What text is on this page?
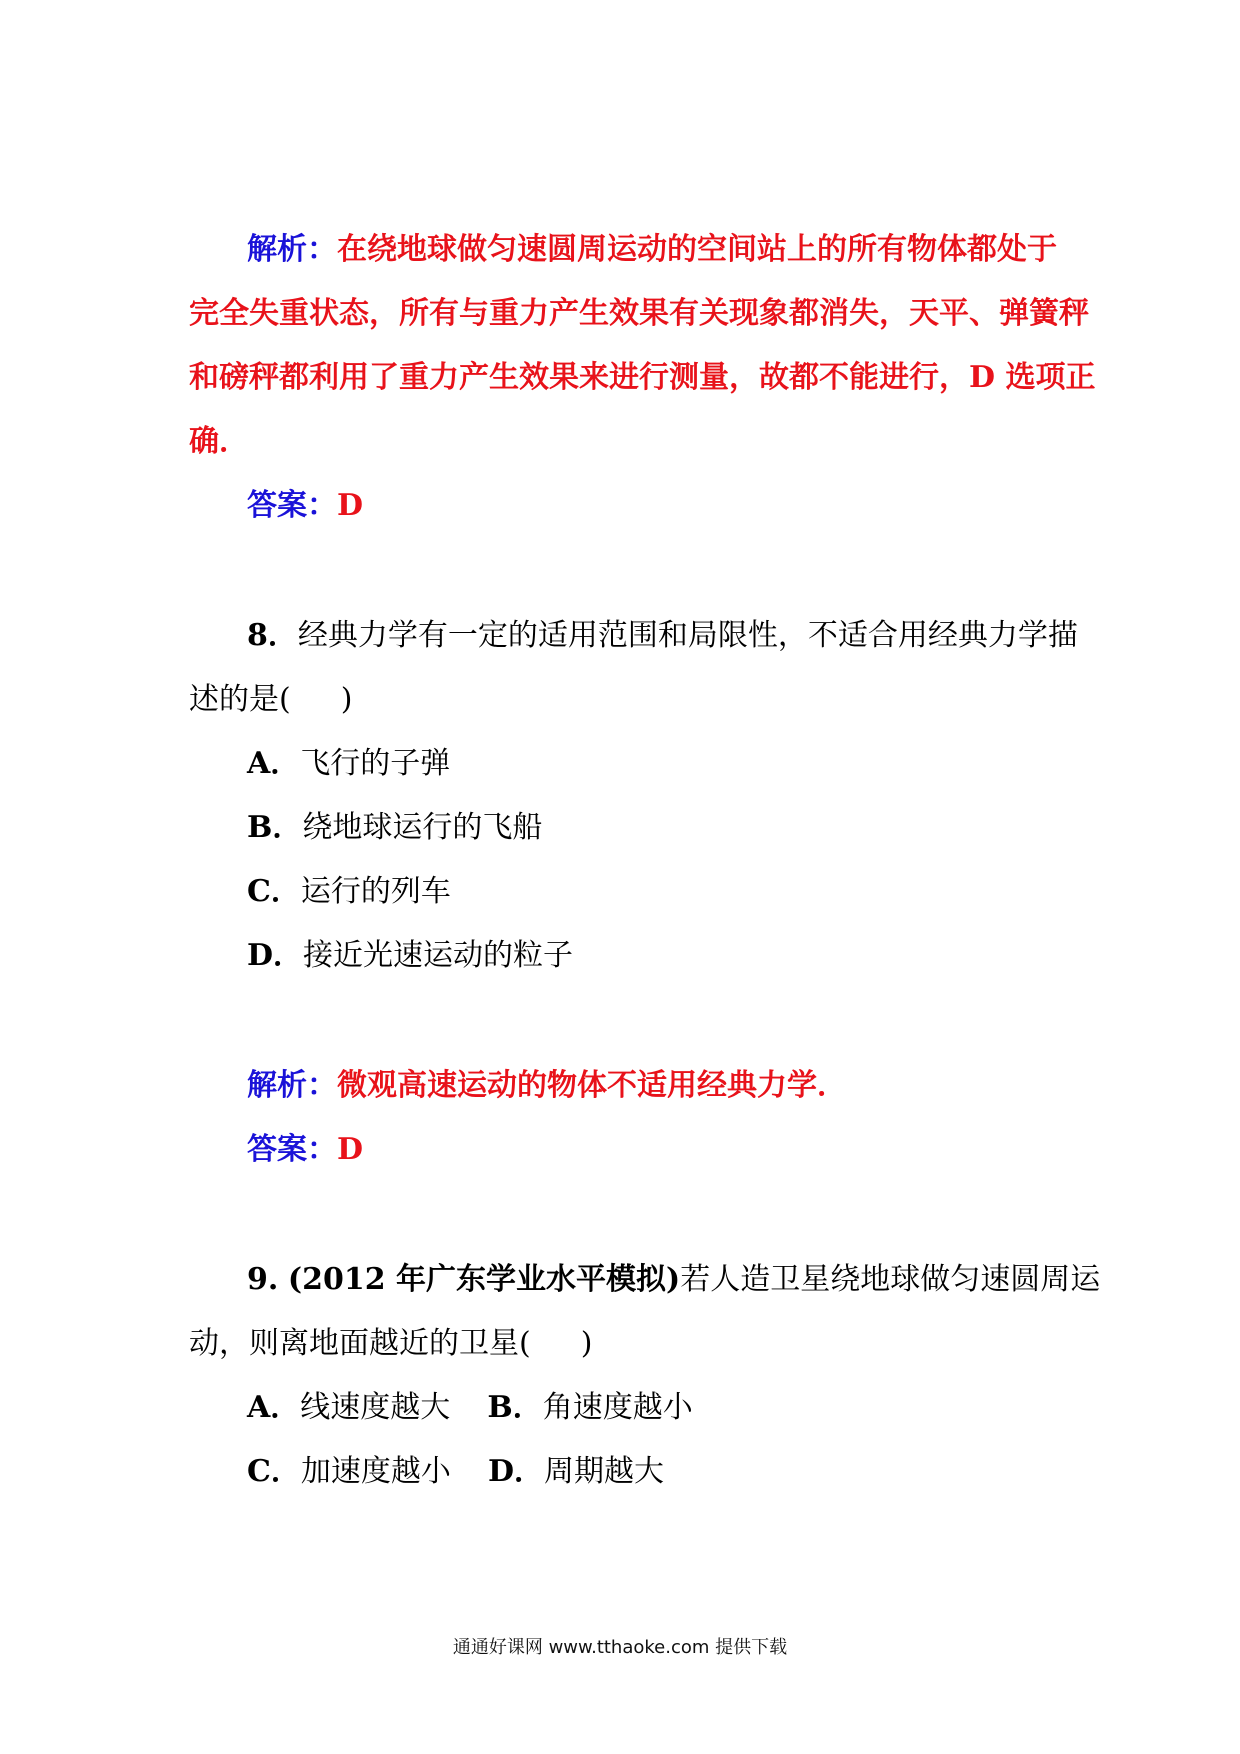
解析：在绕地球做匀速圆周运动的空间站上的所有物体都处于
完全失重状态，所有与重力产生效果有关现象都消失，天平、弹簧秤
和磅秤都利用了重力产生效果来进行测量，故都不能进行，D 选项正
确．
答案：D
8．经典力学有一定的适用范围和局限性，不适合用经典力学描
述的是( )
A．飞行的子弹
B．绕地球运行的飞船
C．运行的列车
D．接近光速运动的粒子
解析：微观高速运动的物体不适用经典力学．
答案：D
9. (2012 年广东学业水平模拟)若人造卫星绕地球做匀速圆周运
动，则离地面越近的卫星( )
A．线速度越大 B．角速度越小
C．加速度越小 D．周期越大
通通好课网 www.tthaoke.com 提供下载
